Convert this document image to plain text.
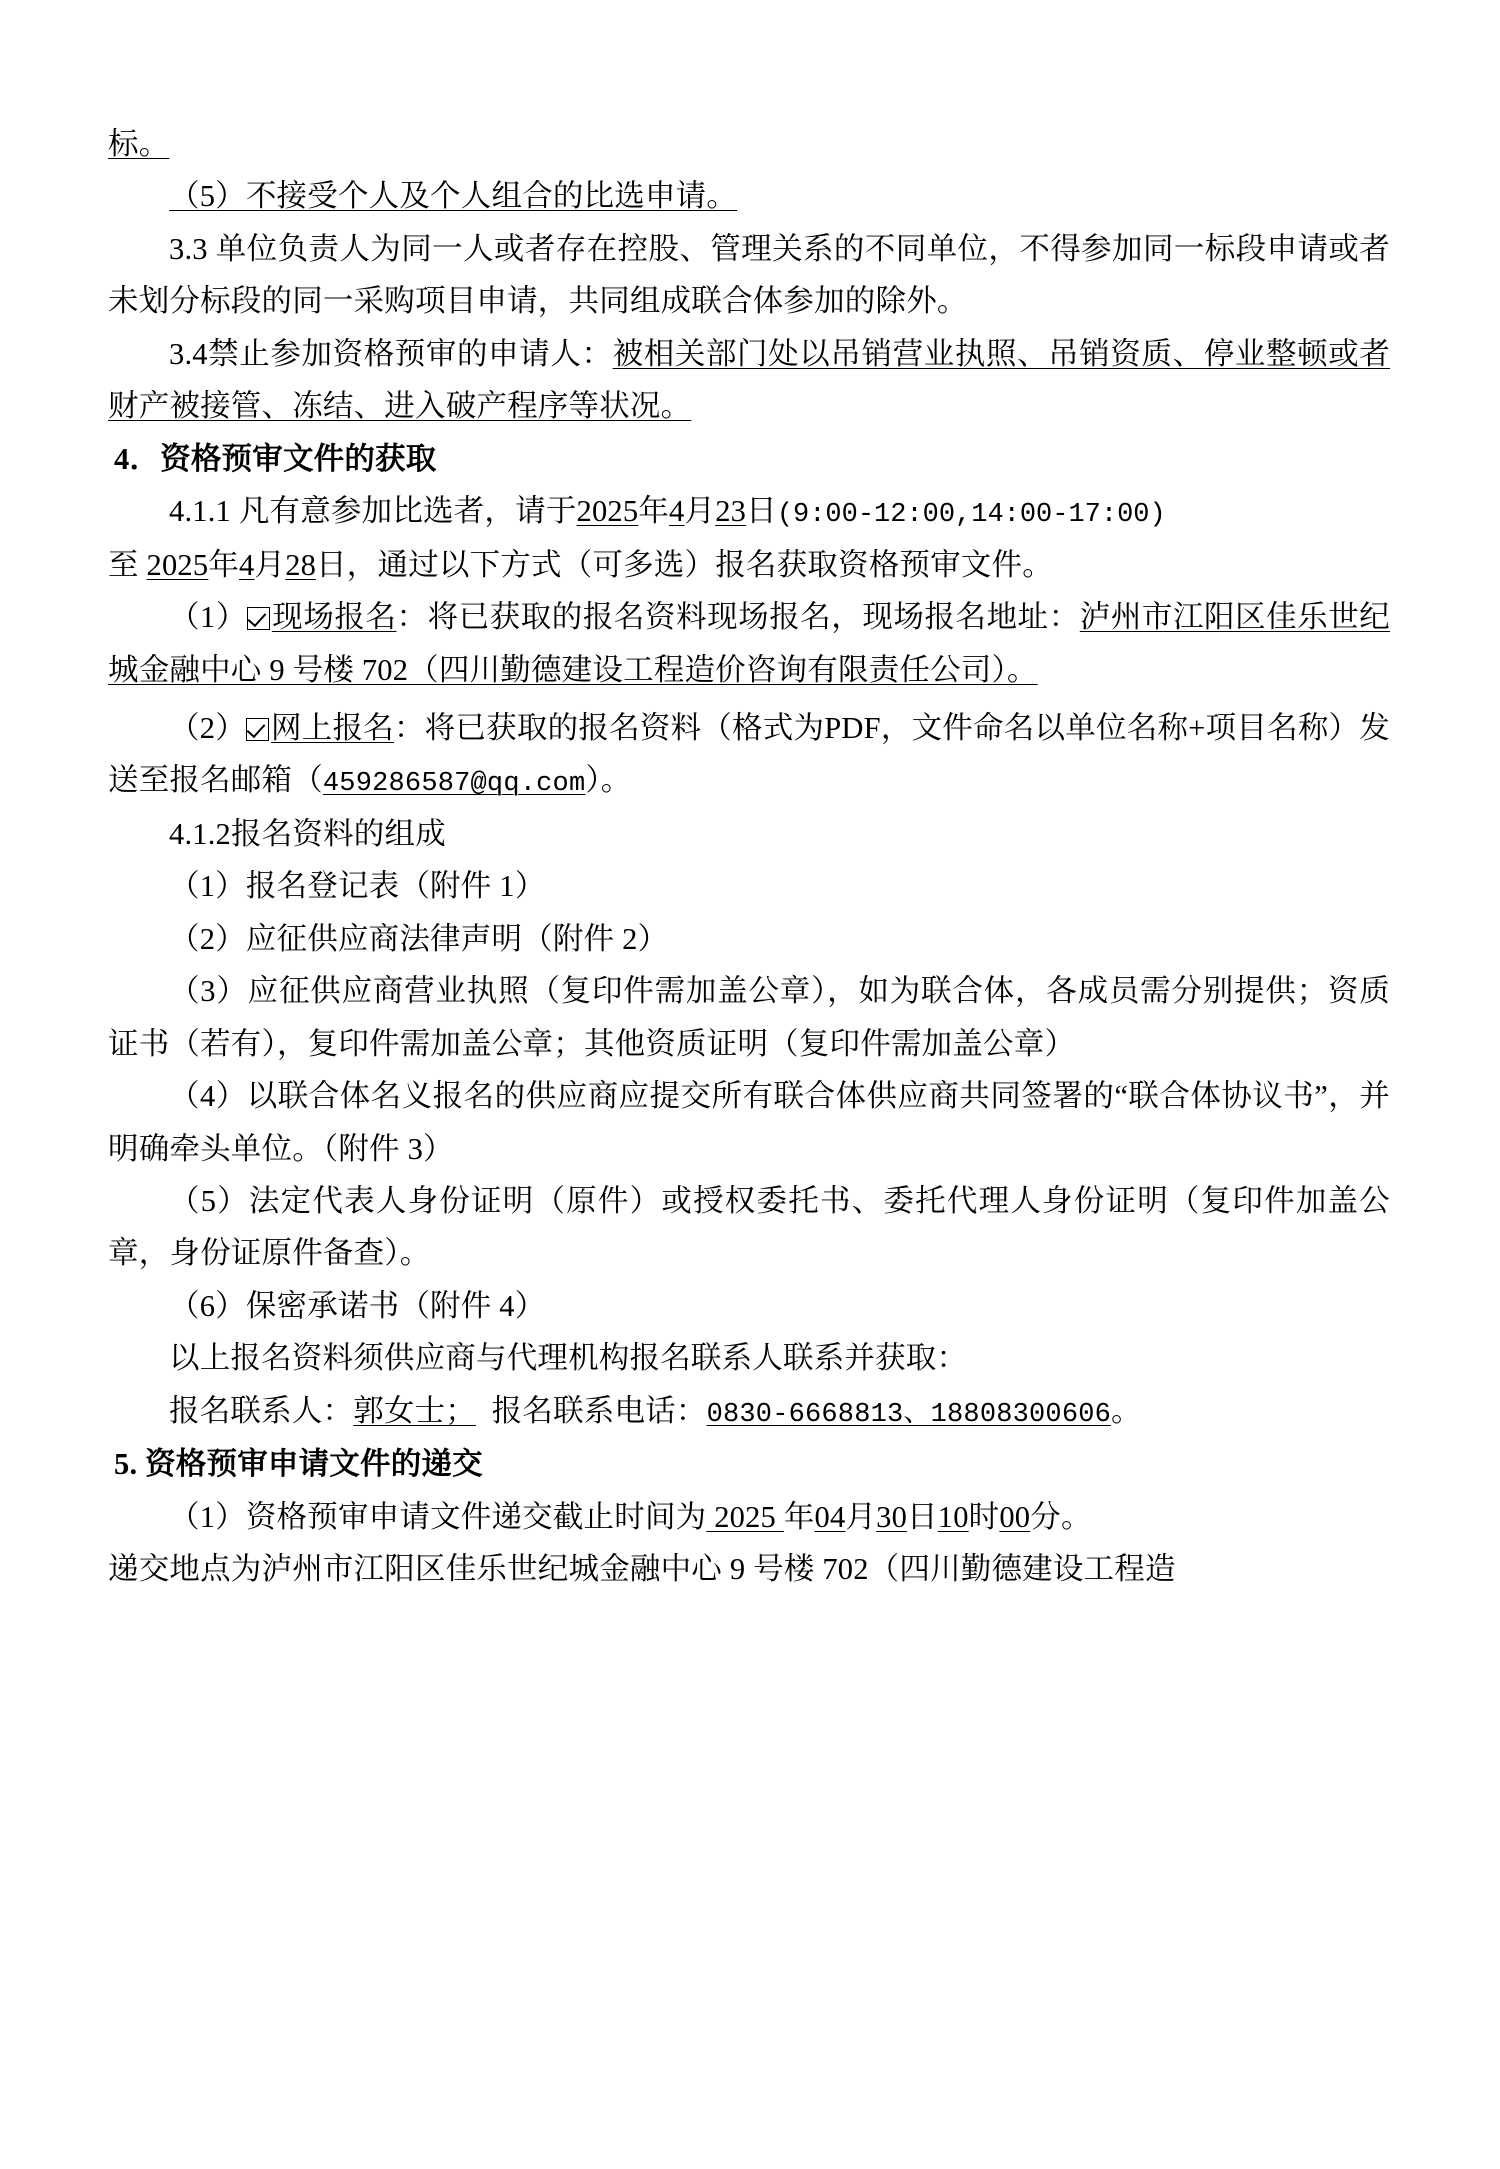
标。

（5）不接受个人及个人组合的比选申请。

3.3 单位负责人为同一人或者存在控股、管理关系的不同单位，不得参加同一标段申请或者未划分标段的同一采购项目申请，共同组成联合体参加的除外。

3.4禁止参加资格预审的申请人：被相关部门处以吊销营业执照、吊销资质、停业整顿或者财产被接管、冻结、进入破产程序等状况。

4．资格预审文件的获取

4.1.1 凡有意参加比选者，请于2025年4月23日(9:00-12:00,14:00-17:00)
至 2025年4月28日，通过以下方式（可多选）报名获取资格预审文件。

（1） 现场报名：将已获取的报名资料现场报名，现场报名地址：泸州市江阳区佳乐世纪城金融中心 9 号楼 702（四川勤德建设工程造价咨询有限责任公司）。

（2） 网上报名：将已获取的报名资料（格式为PDF，文件命名以单位名称+项目名称）发送至报名邮箱（459286587@qq.com）。

4.1.2报名资料的组成

（1）报名登记表（附件 1）

（2）应征供应商法律声明（附件 2）

（3）应征供应商营业执照（复印件需加盖公章），如为联合体，各成员需分别提供；资质证书（若有），复印件需加盖公章；其他资质证明（复印件需加盖公章）

（4）以联合体名义报名的供应商应提交所有联合体供应商共同签署的“联合体协议书”，并明确牵头单位。（附件 3）

（5）法定代表人身份证明（原件）或授权委托书、委托代理人身份证明（复印件加盖公章，身份证原件备查）。

（6）保密承诺书（附件 4）

以上报名资料须供应商与代理机构报名联系人联系并获取：

报名联系人：郭女士； 报名联系电话：0830-6668813、18808300606。

5. 资格预审申请文件的递交

（1）资格预审申请文件递交截止时间为 2025 年04月30日10时00分。

递交地点为泸州市江阳区佳乐世纪城金融中心 9 号楼 702（四川勤德建设工程造
